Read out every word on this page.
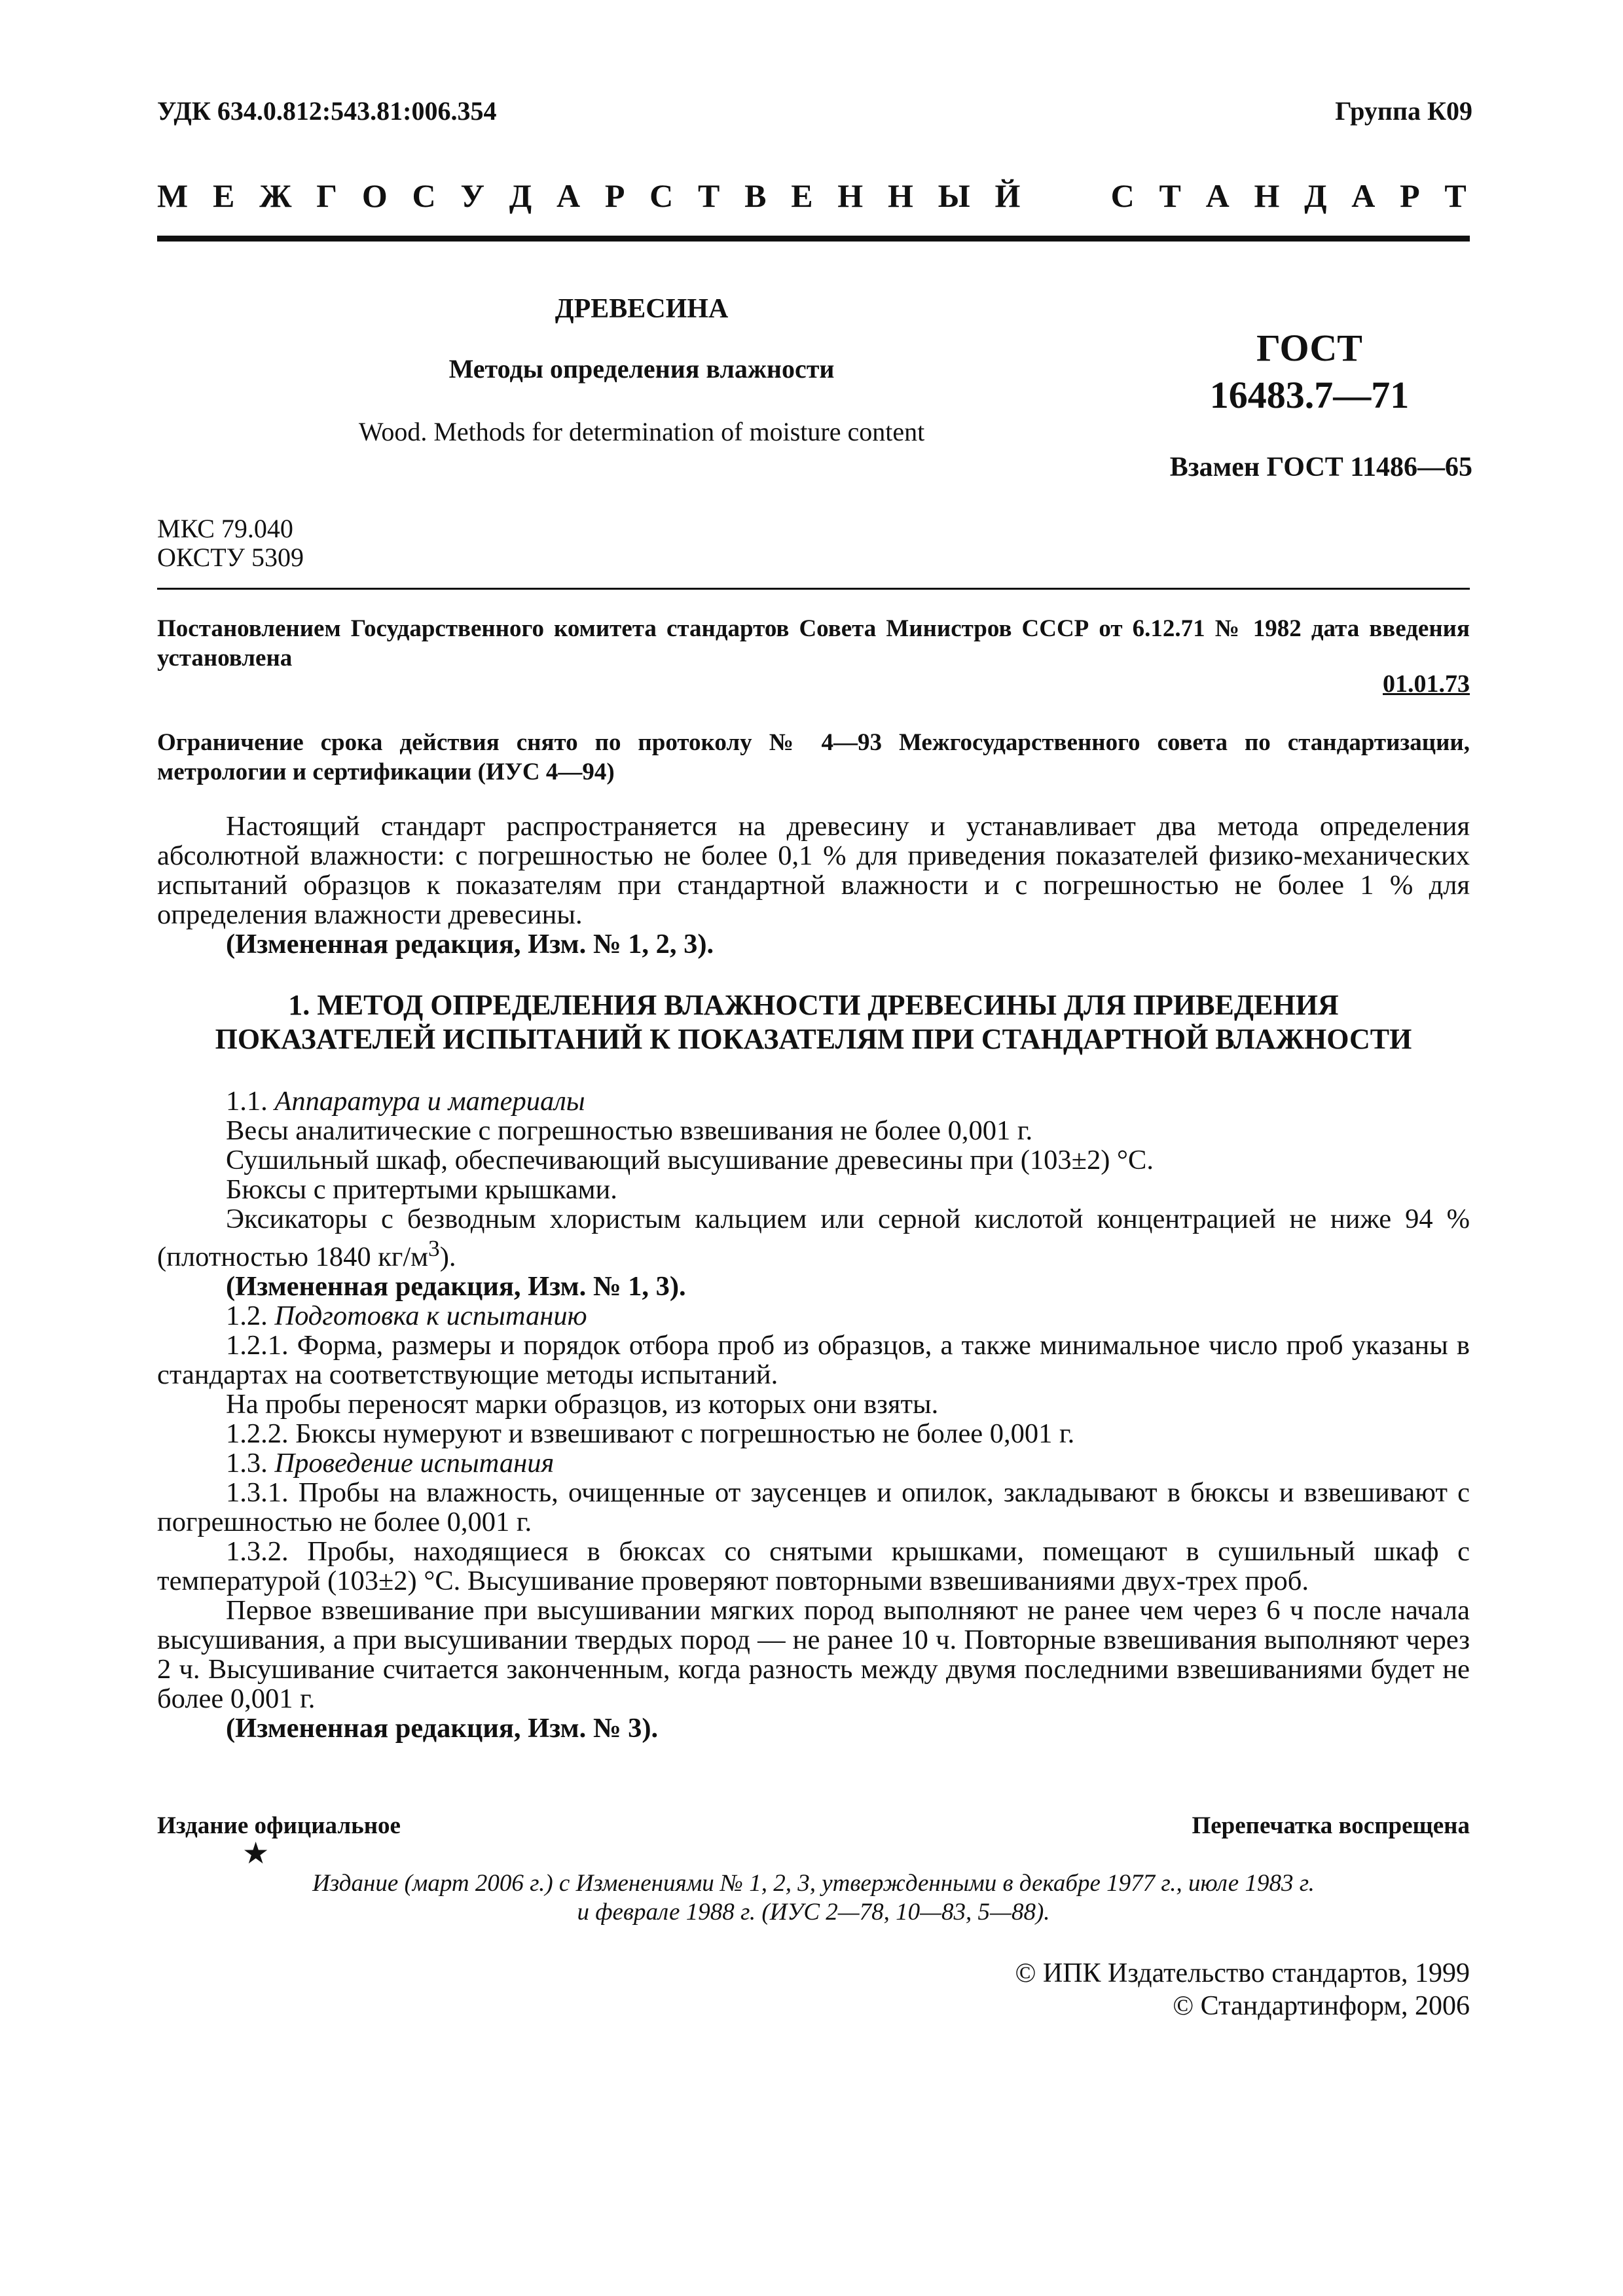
УДК 634.0.812:543.81:006.354	Группа К09
М Е Ж Г О С У Д А Р С Т В Е Н Н Ы Й

	С Т А Н Д А Р Т
ДРЕВЕСИНА
Методы определения влажности
Wood. Methods for determination of moisture content
ГОСТ
16483.7—71
Взамен ГОСТ 11486—65
МКС 79.040
ОКСТУ 5309
Постановлением Государственного комитета стандартов Совета Министров СССР от 6.12.71 № 1982 дата введения установлена
01.01.73
Ограничение срока действия снято по протоколу № 4—93 Межгосударственного совета по стандартизации, метрологии и сертификации (ИУС 4—94)

Настоящий стандарт распространяется на древесину и устанавливает два метода определения абсолютной влажности: с погрешностью не более 0,1 % для приведения показателей физико-механических испытаний образцов к показателям при стандартной влажности и с погрешностью не более 1 % для определения влажности древесины.

(Измененная редакция, Изм. № 1, 2, 3).

1. МЕТОД ОПРЕДЕЛЕНИЯ ВЛАЖНОСТИ ДРЕВЕСИНЫ ДЛЯ ПРИВЕДЕНИЯ
ПОКАЗАТЕЛЕЙ ИСПЫТАНИЙ К ПОКАЗАТЕЛЯМ ПРИ СТАНДАРТНОЙ ВЛАЖНОСТИ

1.1. Аппаратура и материалы

Весы аналитические с погрешностью взвешивания не более 0,001 г.

Сушильный шкаф, обеспечивающий высушивание древесины при (103±2) °С.

Бюксы с притертыми крышками.

Эксикаторы с безводным хлористым кальцием или серной кислотой концентрацией не ниже 94 % (плотностью 1840 $кг/м^3$).

(Измененная редакция, Изм. № 1, 3).

1.2. Подготовка к испытанию

1.2.1. Форма, размеры и порядок отбора проб из образцов, а также минимальное число проб указаны в стандартах на соответствующие методы испытаний.

На пробы переносят марки образцов, из которых они взяты.

1.2.2. Бюксы нумеруют и взвешивают с погрешностью не более 0,001 г.

1.3. Проведение испытания

1.3.1. Пробы на влажность, очищенные от заусенцев и опилок, закладывают в бюксы и взвешивают с погрешностью не более 0,001 г.

1.3.2. Пробы, находящиеся в бюксах со снятыми крышками, помещают в сушильный шкаф с температурой (103±2) °С. Высушивание проверяют повторными взвешиваниями двух-трех проб.

Первое взвешивание при высушивании мягких пород выполняют не ранее чем через 6 ч после начала высушивания, а при высушивании твердых пород — не ранее 10 ч. Повторные взвешивания выполняют через 2 ч. Высушивание считается законченным, когда разность между двумя последними взвешиваниями будет не более 0,001 г.

(Измененная редакция, Изм. № 3).

Издание официальное	Перепечатка воспрещена
★
Издание (март 2006 г.) с Изменениями № 1, 2, 3, утвержденными в декабре 1977 г., июле 1983 г.
и феврале 1988 г. (ИУС 2—78, 10—83, 5—88).
© ИПК Издательство стандартов, 1999
© Стандартинформ, 2006
